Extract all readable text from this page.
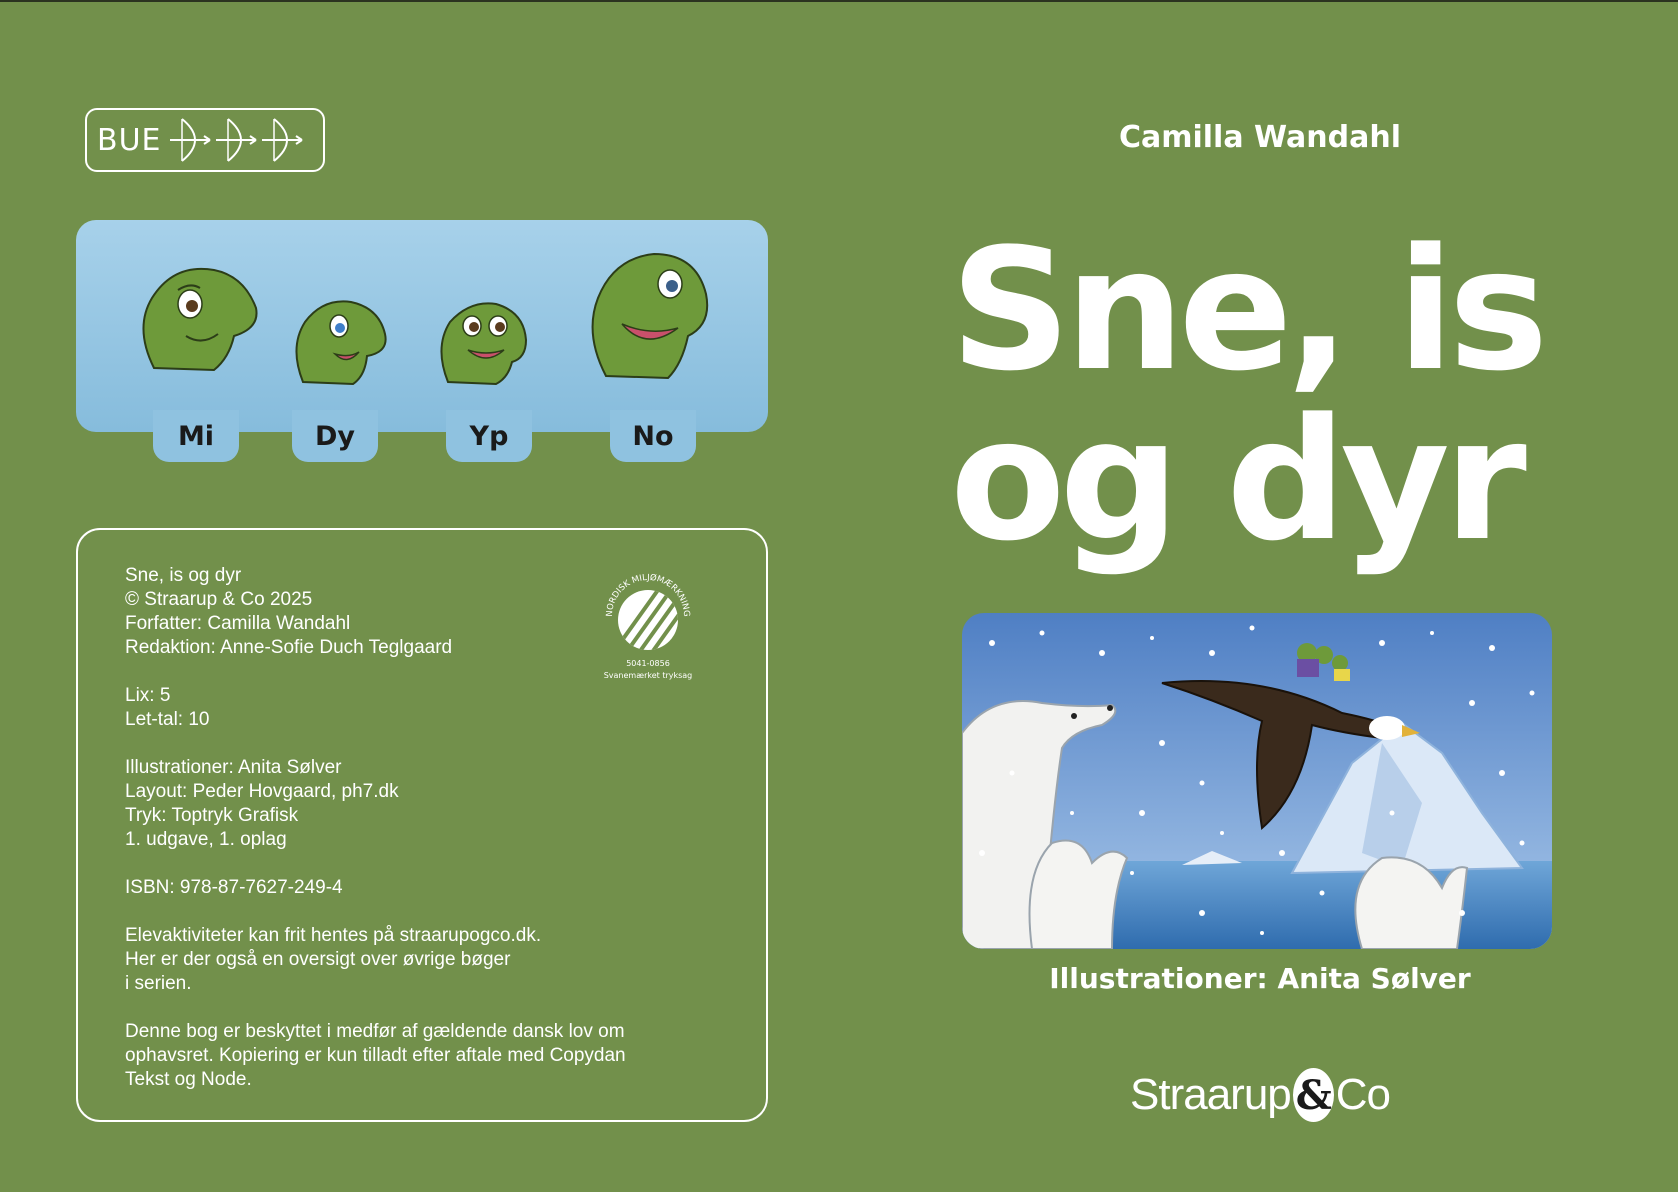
BUE
Mi	Dy	Yp	No
Sne, is og dyr
© Straarup & Co 2025
Forfatter: Camilla Wandahl
Redaktion: Anne-Sofie Duch Teglgaard
Lix: 5
Let-tal: 10
Illustrationer: Anita Sølver
Layout: Peder Hovgaard, ph7.dk
Tryk: Toptryk Grafisk
1. udgave, 1. oplag
ISBN: 978-87-7627-249-4
Elevaktiviteter kan frit hentes på straarupogco.dk.
Her er der også en oversigt over øvrige bøger
i serien.
Denne bog er beskyttet i medfør af gældende dansk lov om
ophavsret. Kopiering er kun tilladt efter aftale med Copydan
Tekst og Node.
NORDISK MILJØMÆRKNING
5041-0856
Svanemærket tryksag
Camilla Wandahl
Sne, is
og dyr
Illustrationer: Anita Sølver
Straarup & Co
